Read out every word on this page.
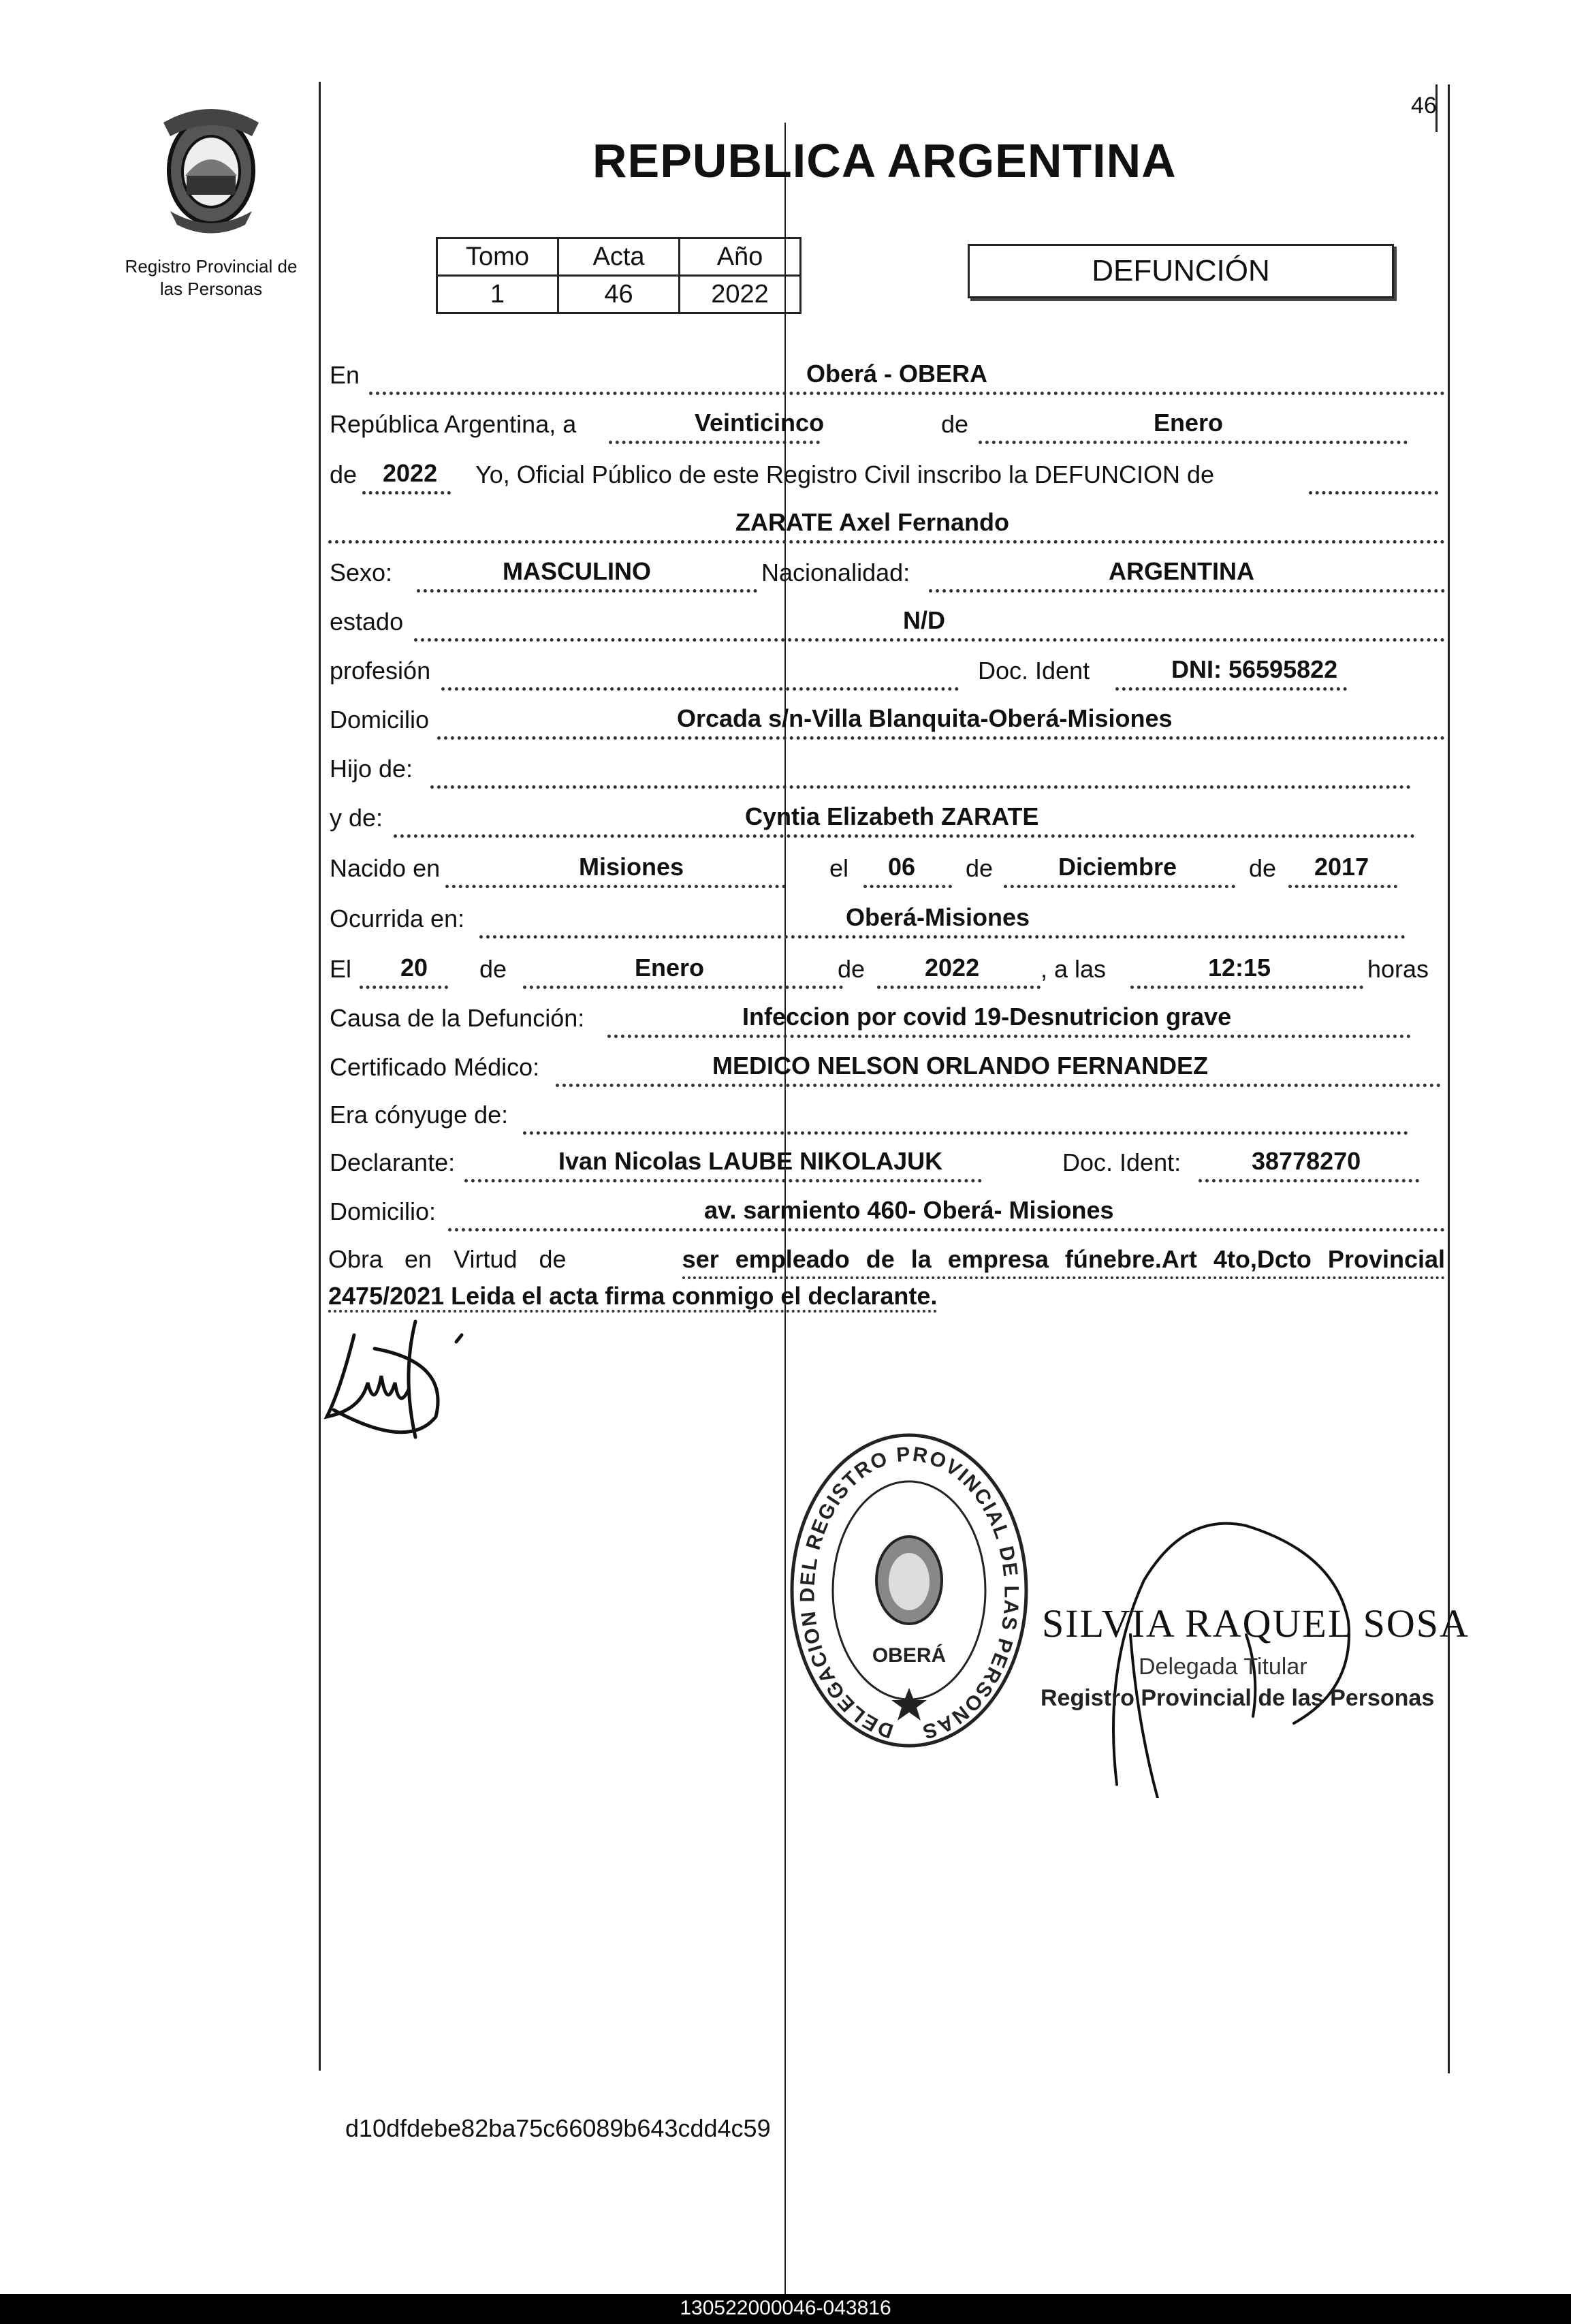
46
Registro Provincial de
las Personas
REPUBLICA ARGENTINA
Tomo	Acta	Año
1	46	2022
DEFUNCIÓN
En	Oberá - OBERA
República Argentina, a	Veinticinco	de	Enero
de 2022 Yo, Oficial Público de este Registro Civil inscribo la DEFUNCION de
ZARATE Axel Fernando
Sexo:	MASCULINO	Nacionalidad:	ARGENTINA
estado	N/D
profesión	Doc. Ident	DNI: 56595822
Domicilio	Orcada s/n-Villa Blanquita-Oberá-Misiones
Hijo de:
y de:	Cyntia Elizabeth ZARATE
Nacido en	Misiones	el 06 de	Diciembre	de 2017
Ocurrida en:	Oberá-Misiones
El 20 de	Enero	de 2022 , a las	12:15	horas
Causa de la Defunción:	Infeccion por covid 19-Desnutricion grave
Certificado Médico:	MEDICO NELSON ORLANDO FERNANDEZ
Era cónyuge de:
Declarante:	Ivan Nicolas LAUBE NIKOLAJUK	Doc. Ident:	38778270
Domicilio:	av. sarmiento 460- Oberá- Misiones
Obra en Virtud de	ser empleado de la empresa fúnebre.Art 4to,Dcto Provincial
2475/2021 Leida el acta firma conmigo el declarante.
DELEGACION DEL REGISTRO PROVINCIAL DE LAS PERSONAS
OBERÁ
SILVIA RAQUEL SOSA
Delegada Titular
Registro Provincial de las Personas
d10dfdebe82ba75c66089b643cdd4c59
130522000046-043816
